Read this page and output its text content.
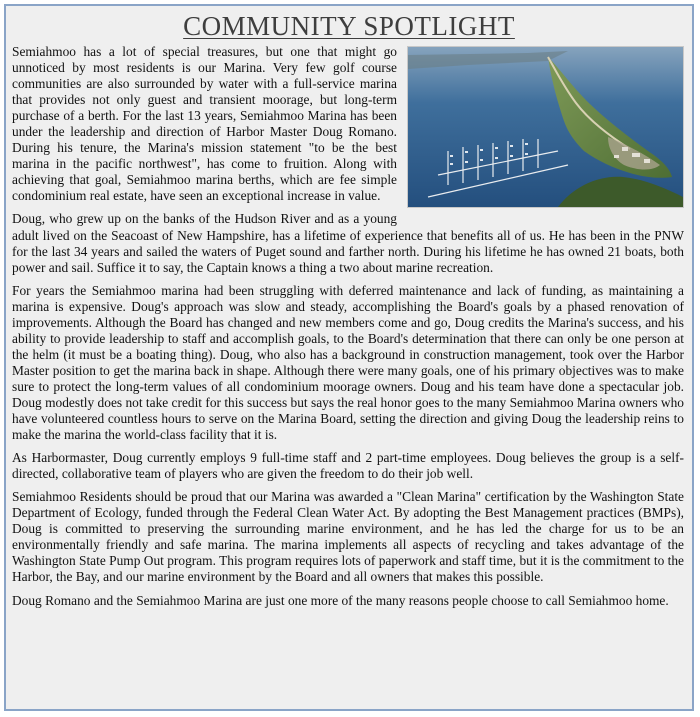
COMMUNITY SPOTLIGHT

Semiahmoo has a lot of special treasures, but one that might go unnoticed by most residents is our Marina. Very few golf course communities are also surrounded by water with a full-service marina that provides not only guest and transient moorage, but long-term purchase of a berth. For the last 13 years, Semiahmoo Marina has been under the leadership and direction of Harbor Master Doug Romano. During his tenure, the Marina's mission statement "to be the best marina in the pacific northwest", has come to fruition. Along with achieving that goal, Semiahmoo marina berths, which are fee simple condominium real estate, have seen an exceptional increase in value.

Doug, who grew up on the banks of the Hudson River and as a young adult lived on the Seacoast of New Hampshire, has a lifetime of experience that benefits all of us. He has been in the PNW for the last 34 years and sailed the waters of Puget sound and farther north. During his lifetime he has owned 21 boats, both power and sail. Suffice it to say, the Captain knows a thing a two about marine recreation.

For years the Semiahmoo marina had been struggling with deferred maintenance and lack of funding, as maintaining a marina is expensive. Doug's approach was slow and steady, accomplishing the Board's goals by a phased renovation of improvements. Although the Board has changed and new members come and go, Doug credits the Marina's success, and his ability to provide leadership to staff and accomplish goals, to the Board's determination that there can only be one person at the helm (it must be a boating thing). Doug, who also has a background in construction management, took over the Harbor Master position to get the marina back in shape. Although there were many goals, one of his primary objectives was to make sure to protect the long-term values of all condominium moorage owners. Doug and his team have done a spectacular job. Doug modestly does not take credit for this success but says the real honor goes to the many Semiahmoo Marina owners who have volunteered countless hours to serve on the Marina Board, setting the direction and giving Doug the leadership reins to make the marina the world-class facility that it is.

As Harbormaster, Doug currently employs 9 full-time staff and 2 part-time employees. Doug believes the group is a self-directed, collaborative team of players who are given the freedom to do their job well.

Semiahmoo Residents should be proud that our Marina was awarded a "Clean Marina" certification by the Washington State Department of Ecology, funded through the Federal Clean Water Act. By adopting the Best Management practices (BMPs), Doug is committed to preserving the surrounding marine environment, and he has led the charge for us to be an environmentally friendly and safe marina. The marina implements all aspects of recycling and takes advantage of the Washington State Pump Out program. This program requires lots of paperwork and staff time, but it is the commitment to the Harbor, the Bay, and our marine environment by the Board and all owners that makes this possible.

Doug Romano and the Semiahmoo Marina are just one more of the many reasons people choose to call Semiahmoo home.
